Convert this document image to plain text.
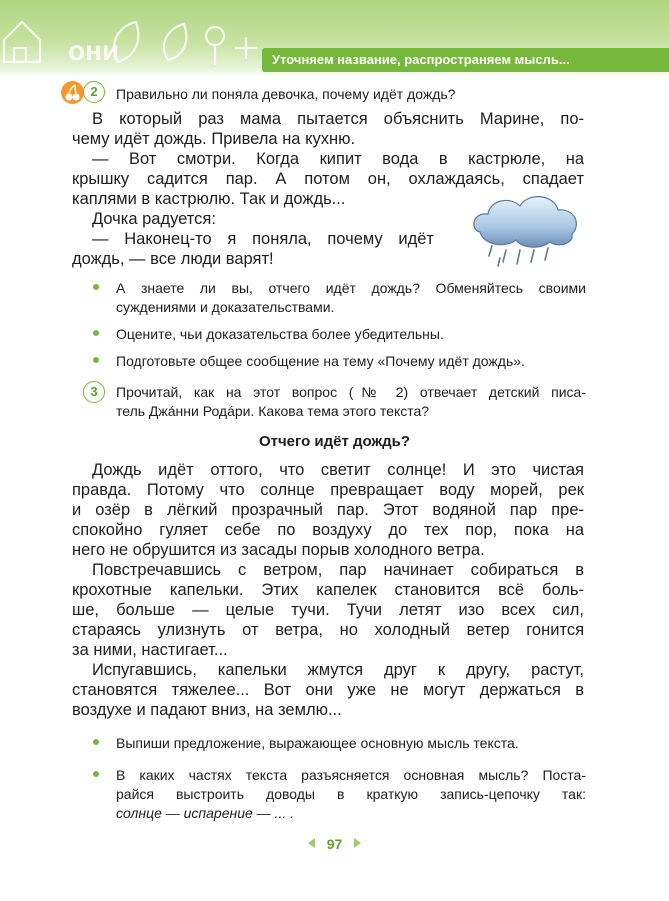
они	Уточняем название, распространяем мысль...
2	Правильно ли поняла девочка, почему идёт дождь?
В который раз мама пытается объяснить Марине, по-
чему идёт дождь. Привела на кухню.
— Вот смотри. Когда кипит вода в кастрюле, на
крышку садится пар. А потом он, охлаждаясь, спадает
каплями в кастрюлю. Так и дождь...
Дочка радуется:
— Наконец-то я поняла, почему идёт
дождь, — все люди варят!
А знаете ли вы, отчего идёт дождь? Обменяйтесь своими
суждениями и доказательствами.
Оцените, чьи доказательства более убедительны.
Подготовьте общее сообщение на тему «Почему идёт дождь».
3	Прочитай, как на этот вопрос (№ 2) отвечает детский писа-
тель Джáнни Родáри. Какова тема этого текста?
Отчего идёт дождь?
Дождь идёт оттого, что светит солнце! И это чистая
правда. Потому что солнце превращает воду морей, рек
и озёр в лёгкий прозрачный пар. Этот водяной пар пре-
спокойно гуляет себе по воздуху до тех пор, пока на
него не обрушится из засады порыв холодного ветра.
Повстречавшись с ветром, пар начинает собираться в
крохотные капельки. Этих капелек становится всё боль-
ше, больше — целые тучи. Тучи летят изо всех сил,
стараясь улизнуть от ветра, но холодный ветер гонится
за ними, настигает...
Испугавшись, капельки жмутся друг к другу, растут,
становятся тяжелее... Вот они уже не могут держаться в
воздухе и падают вниз, на землю...
Выпиши предложение, выражающее основную мысль текста.
В каких частях текста разъясняется основная мысль? Поста-
райся выстроить доводы в краткую запись-цепочку так:
солнце — испарение — ... .
97
